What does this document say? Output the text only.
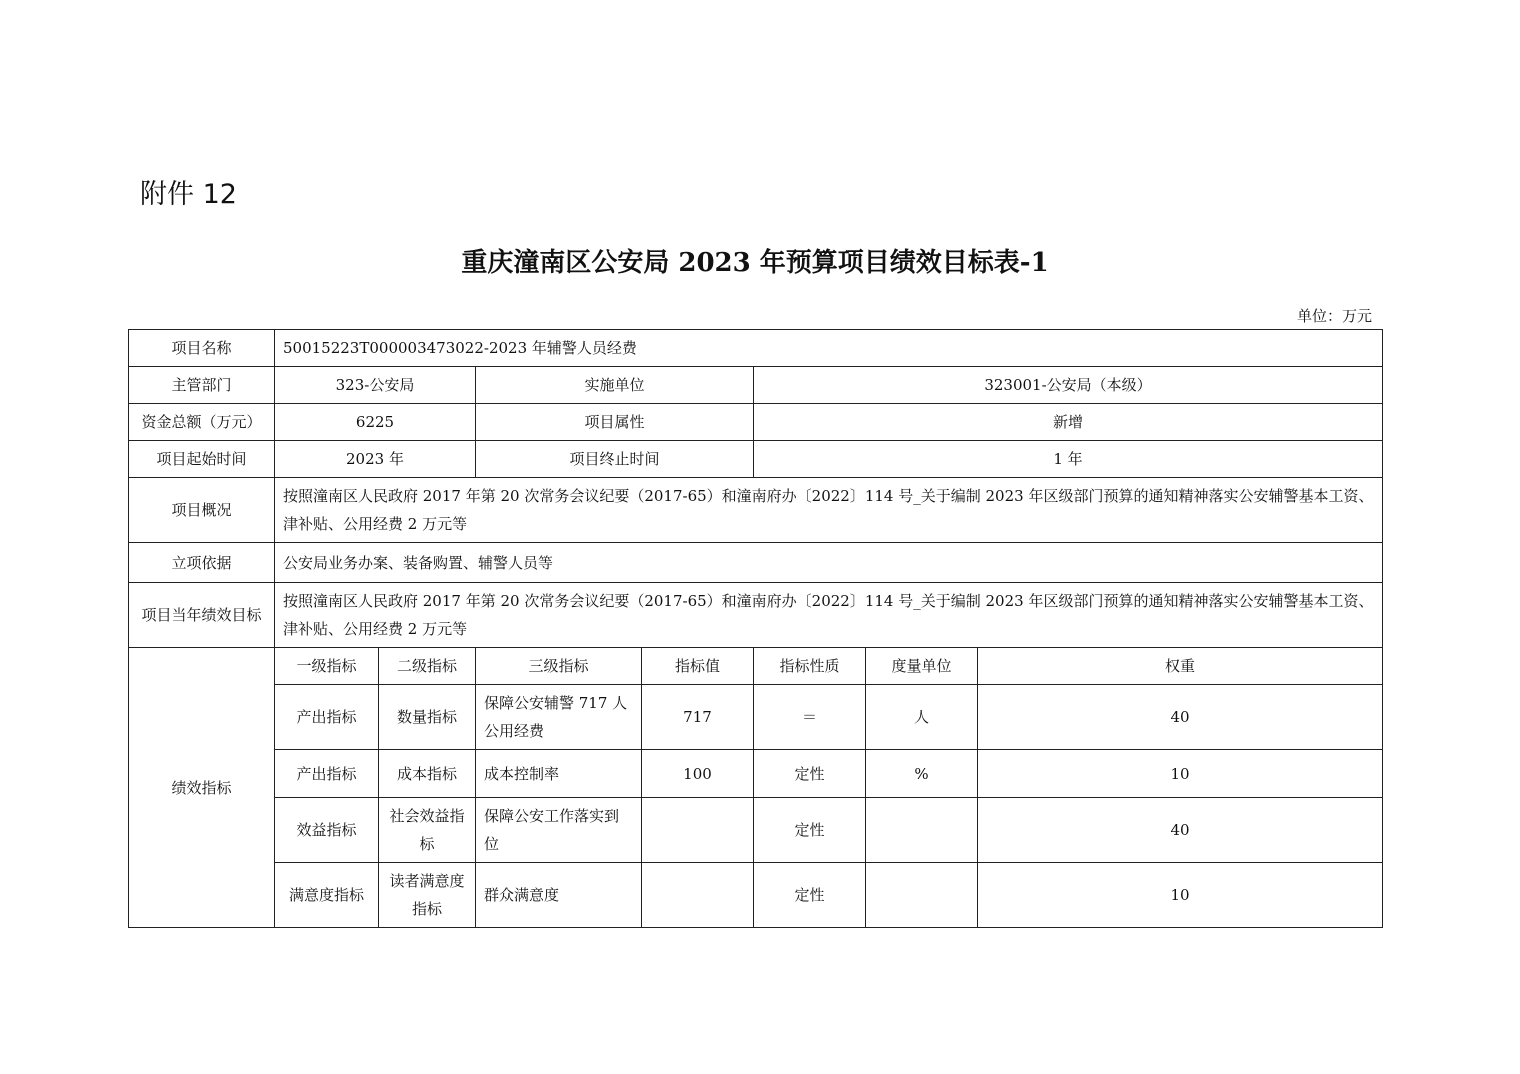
附件 12
重庆潼南区公安局 2023 年预算项目绩效目标表-1
单位：万元
项目名称	50015223T000003473022-2023 年辅警人员经费						
主管部门	323-公安局		实施单位		323001-公安局（本级）		
资金总额（万元）	6225		项目属性		新增		
项目起始时间	2023 年		项目终止时间		1 年		
项目概况	按照潼南区人民政府 2017 年第 20 次常务会议纪要（2017-65）和潼南府办〔2022〕114 号_关于编制 2023 年区级部门预算的通知精神落实公安辅警基本工资、津补贴、公用经费 2 万元等						
立项依据	公安局业务办案、装备购置、辅警人员等						
项目当年绩效目标	按照潼南区人民政府 2017 年第 20 次常务会议纪要（2017-65）和潼南府办〔2022〕114 号_关于编制 2023 年区级部门预算的通知精神落实公安辅警基本工资、津补贴、公用经费 2 万元等						
绩效指标	一级指标	二级指标	三级指标	指标值	指标性质	度量单位	权重
	产出指标	数量指标	保障公安辅警 717 人公用经费	717	＝	人	40
	产出指标	成本指标	成本控制率	100	定性	%	10
	效益指标	社会效益指标	保障公安工作落实到位		定性		40
	满意度指标	读者满意度指标	群众满意度		定性		10
